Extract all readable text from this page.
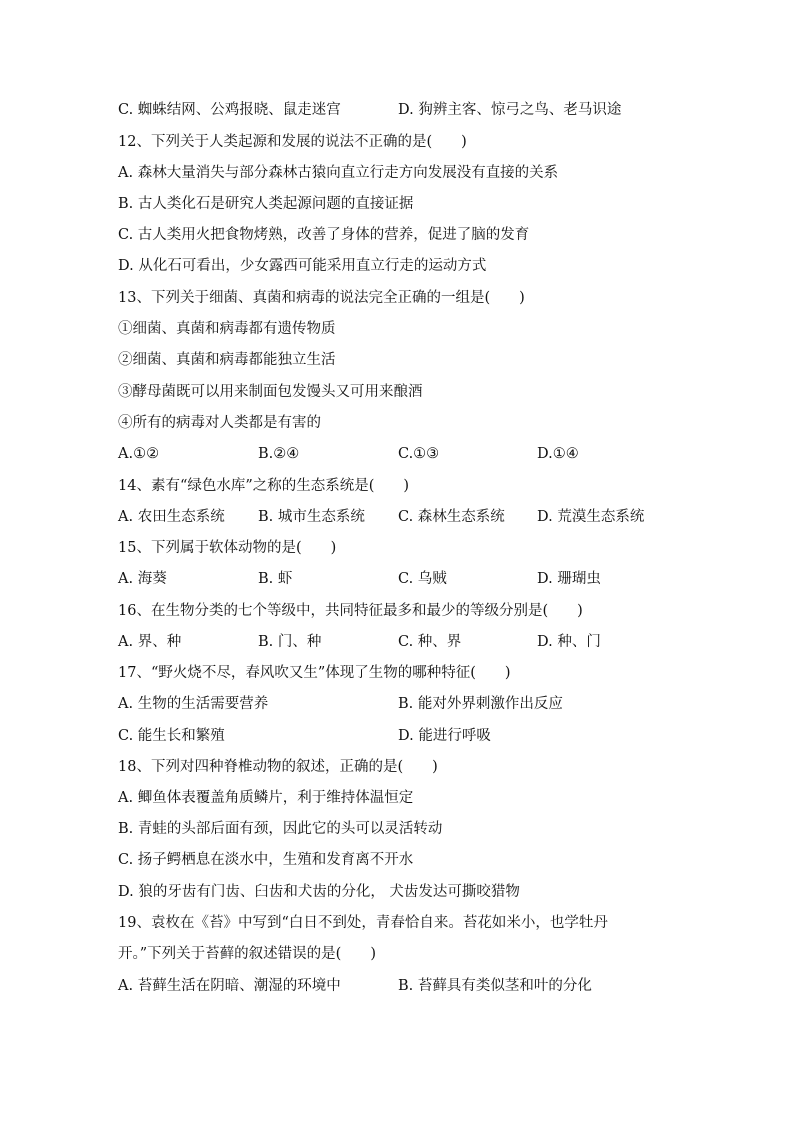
C. 蜘蛛结网、公鸡报晓、鼠走迷宫	D. 狗辨主客、惊弓之鸟、老马识途
12、下列关于人类起源和发展的说法不正确的是(　　)
A. 森林大量消失与部分森林古猿向直立行走方向发展没有直接的关系
B. 古人类化石是研究人类起源问题的直接证据
C. 古人类用火把食物烤熟，改善了身体的营养，促进了脑的发育
D. 从化石可看出，少女露西可能采用直立行走的运动方式
13、下列关于细菌、真菌和病毒的说法完全正确的一组是(　　)
①细菌、真菌和病毒都有遗传物质
②细菌、真菌和病毒都能独立生活
③酵母菌既可以用来制面包发馒头又可用来酿酒
④所有的病毒对人类都是有害的
A.①②	B.②④	C.①③	D.①④
14、素有“绿色水库”之称的生态系统是(　　)
A. 农田生态系统 B. 城市生态系统 C. 森林生态系统 D. 荒漠生态系统
15、下列属于软体动物的是(　　)
A. 海葵	B. 虾	C. 乌贼	D. 珊瑚虫
16、在生物分类的七个等级中，共同特征最多和最少的等级分别是(　　)
A. 界、种	B. 门、种	C. 种、界	D. 种、门
17、“野火烧不尽，春风吹又生”体现了生物的哪种特征(　　)
A. 生物的生活需要营养	B. 能对外界刺激作出反应
C. 能生长和繁殖	D. 能进行呼吸
18、下列对四种脊椎动物的叙述，正确的是(　　)
A. 鲫鱼体表覆盖角质鳞片，利于维持体温恒定
B. 青蛙的头部后面有颈，因此它的头可以灵活转动
C. 扬子鳄栖息在淡水中，生殖和发育离不开水
D. 狼的牙齿有门齿、臼齿和犬齿的分化， 犬齿发达可撕咬猎物
19、袁枚在《苔》中写到“白日不到处，青春恰自来。苔花如米小，也学牡丹
开。”下列关于苔藓的叙述错误的是(　　)
A. 苔藓生活在阴暗、潮湿的环境中	B. 苔藓具有类似茎和叶的分化
